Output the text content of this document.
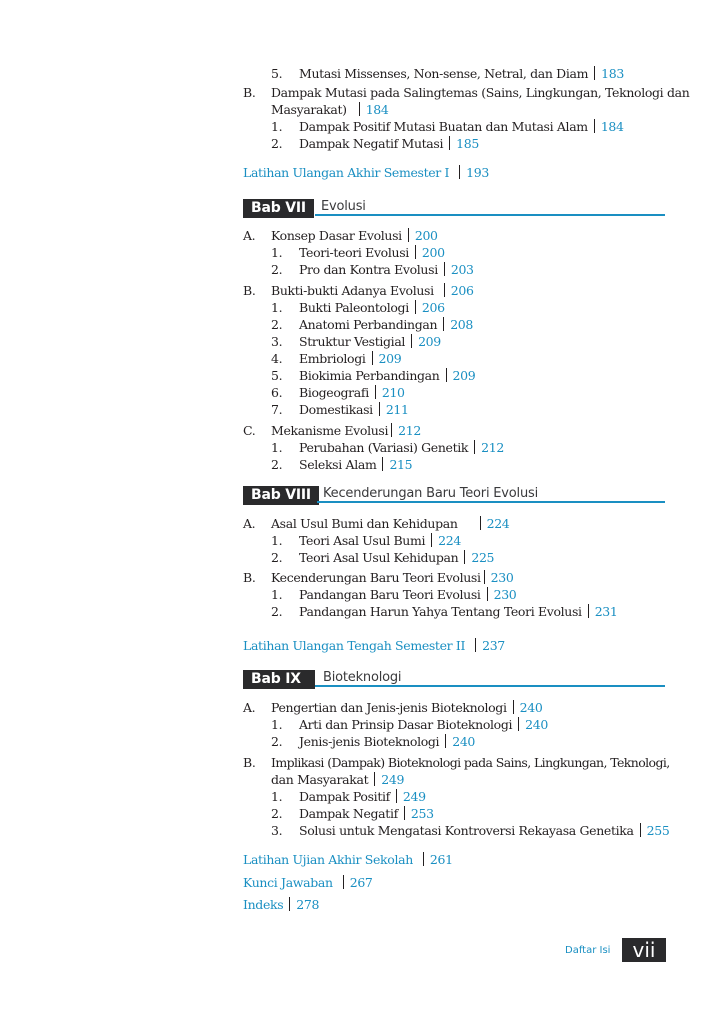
5.	Mutasi Missenses, Non-sense, Netral, dan Diam 183
B.	Dampak Mutasi pada Salingtemas (Sains, Lingkungan, Teknologi dan
Masyarakat) 184
1.	Dampak Positif Mutasi Buatan dan Mutasi Alam 184
2.	Dampak Negatif Mutasi 185
Latihan Ulangan Akhir Semester I 193
Bab VII	Evolusi
A.	Konsep Dasar Evolusi 200
1.	Teori-teori Evolusi 200
2.	Pro dan Kontra Evolusi 203
B.	Bukti-bukti Adanya Evolusi 206
1.	Bukti Paleontologi 206
2.	Anatomi Perbandingan 208
3.	Struktur Vestigial 209
4.	Embriologi 209
5.	Biokimia Perbandingan 209
6.	Biogeografi 210
7.	Domestikasi 211
C.	Mekanisme Evolusi 212
1.	Perubahan (Variasi) Genetik 212
2.	Seleksi Alam 215
Bab VIII Kecenderungan Baru Teori Evolusi
A.	Asal Usul Bumi dan Kehidupan 224
1.	Teori Asal Usul Bumi 224
2.	Teori Asal Usul Kehidupan 225
B.	Kecenderungan Baru Teori Evolusi 230
1.	Pandangan Baru Teori Evolusi 230
2.	Pandangan Harun Yahya Tentang Teori Evolusi 231
Latihan Ulangan Tengah Semester II 237
Bab IX	Bioteknologi
A.	Pengertian dan Jenis-jenis Bioteknologi 240
1.	Arti dan Prinsip Dasar Bioteknologi 240
2.	Jenis-jenis Bioteknologi 240
B.	Implikasi (Dampak) Bioteknologi pada Sains, Lingkungan, Teknologi,
dan Masyarakat 249
1.	Dampak Positif 249
2.	Dampak Negatif 253
3.	Solusi untuk Mengatasi Kontroversi Rekayasa Genetika 255
Latihan Ujian Akhir Sekolah 261
Kunci Jawaban 267
Indeks 278
Daftar Isi	vii
